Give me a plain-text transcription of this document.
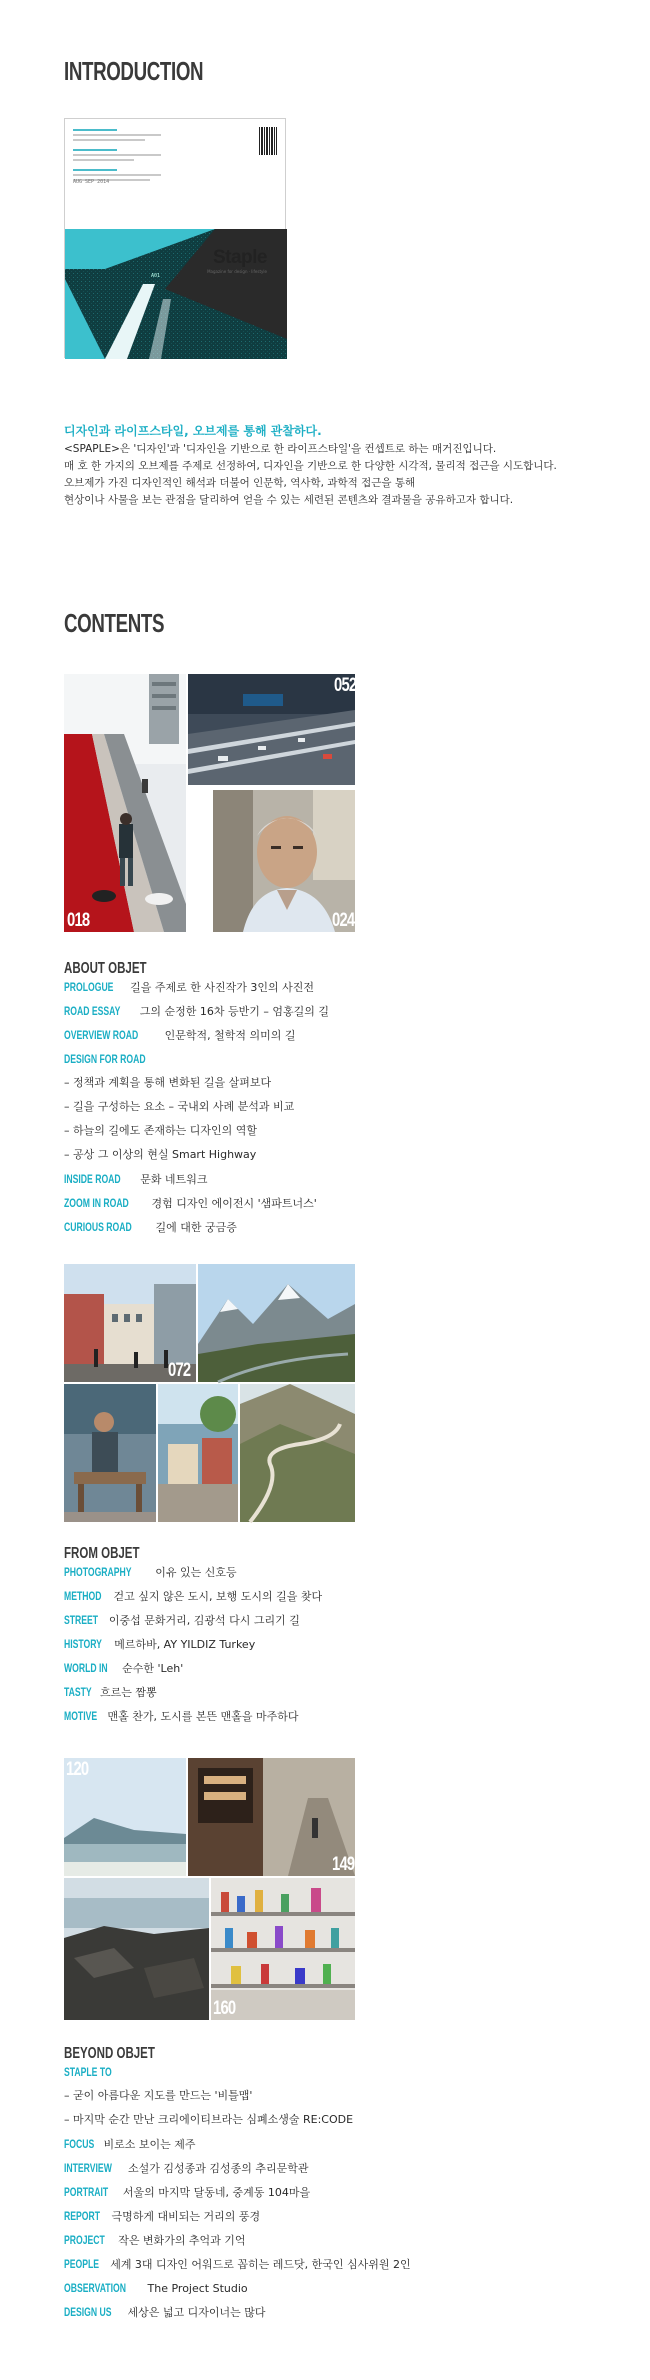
INTRODUCTION
AUG SEP 2014
A01
Staple
Magazine for design · lifestyle
디자인과 라이프스타일, 오브제를 통해 관찰하다.

<SPAPLE>은 '디자인'과 '디자인을 기반으로 한 라이프스타일'을 컨셉트로 하는 매거진입니다.

매 호 한 가지의 오브제를 주제로 선정하여, 디자인을 기반으로 한 다양한 시각적, 물리적 접근을 시도합니다.

오브제가 가진 디자인적인 해석과 더불어 인문학, 역사학, 과학적 접근을 통해

현상이나 사물을 보는 관점을 달리하여 얻을 수 있는 세련된 콘텐츠와 결과물을 공유하고자 합니다.

CONTENTS
018
052
024
ABOUT OBJET
PROLOGUE 길을 주제로 한 사진작가 3인의 사진전
ROAD ESSAY 그의 순정한 16차 등반기 – 엄홍길의 길
OVERVIEW ROAD 인문학적, 철학적 의미의 길
DESIGN FOR ROAD
– 정책과 계획을 통해 변화된 길을 살펴보다
– 길을 구성하는 요소 – 국내외 사례 분석과 비교
– 하늘의 길에도 존재하는 디자인의 역할
– 공상 그 이상의 현실 Smart Highway
INSIDE ROAD 문화 네트워크
ZOOM IN ROAD 경험 디자인 에이전시 '샘파트너스'
CURIOUS ROAD 길에 대한 궁금증
072
FROM OBJET
PHOTOGRAPHY 이유 있는 신호등
METHOD 걷고 싶지 않은 도시, 보행 도시의 길을 찾다
STREET 이중섭 문화거리, 김광석 다시 그리기 길
HISTORY 메르하바, AY YILDIZ Turkey
WORLD IN 순수한 'Leh'
TASTY 흐르는 짬뽕
MOTIVE 맨홀 찬가, 도시를 본뜬 맨홀을 마주하다
120
149
160
BEYOND OBJET
STAPLE TO
– 굳이 아름다운 지도를 만드는 '비틀맵'
– 마지막 순간 만난 크리에이티브라는 심폐소생술 RE:CODE
FOCUS 비로소 보이는 제주
INTERVIEW 소설가 김성종과 김성종의 추리문학관
PORTRAIT 서울의 마지막 달동네, 중계동 104마을
REPORT 극명하게 대비되는 거리의 풍경
PROJECT 작은 변화가의 추억과 기억
PEOPLE 세계 3대 디자인 어워드로 꼽히는 레드닷, 한국인 심사위원 2인
OBSERVATION The Project Studio
DESIGN US 세상은 넓고 디자이너는 많다
